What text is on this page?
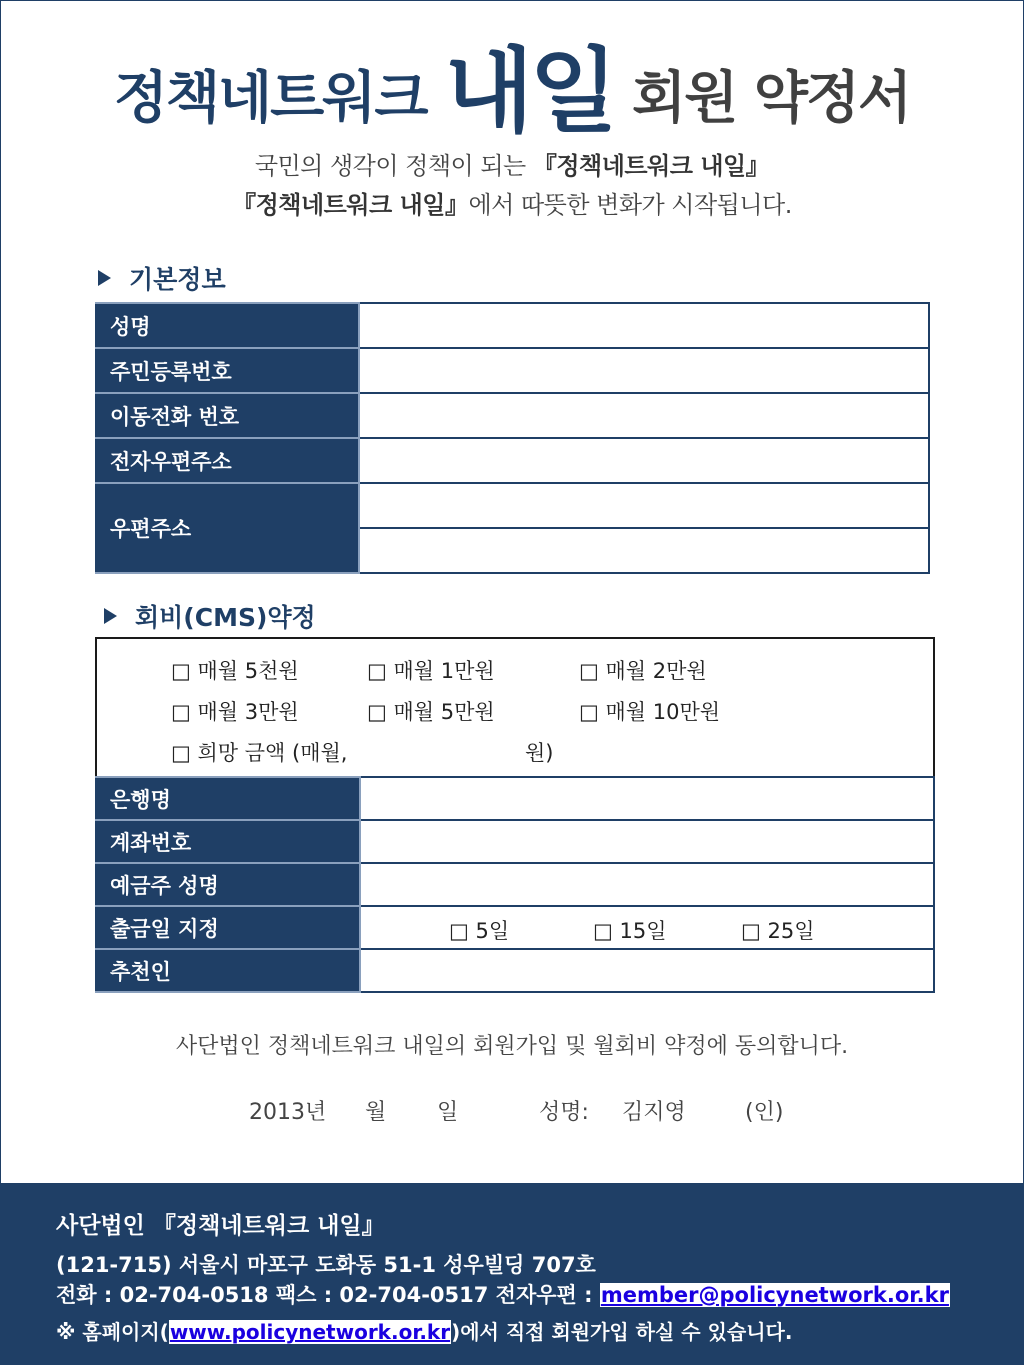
정책네트워크 내일 회원 약정서
국민의 생각이 정책이 되는 『정책네트워크 내일』
『정책네트워크 내일』에서 따뜻한 변화가 시작됩니다.
기본정보
성명	
주민등록번호	
이동전화 번호	
전자우편주소	
우편주소	

회비(CMS)약정
□ 매월 5천원	□ 매월 1만원	□ 매월 2만원
□ 매월 3만원	□ 매월 5만원	□ 매월 10만원
□ 희망 금액 (매월,	원)
은행명	
계좌번호	
예금주 성명	
출금일 지정	□ 5일 □ 15일 □ 25일

추천인	
사단법인 정책네트워크 내일의 회원가입 및 월회비 약정에 동의합니다.
2013년 월 일	성명: 김지영	(인)
사단법인 『정책네트워크 내일』
(121-715) 서울시 마포구 도화동 51-1 성우빌딩 707호
전화 : 02-704-0518 팩스 : 02-704-0517 전자우편 : member@policynetwork.or.kr
※ 홈페이지(www.policynetwork.or.kr)에서 직접 회원가입 하실 수 있습니다.
